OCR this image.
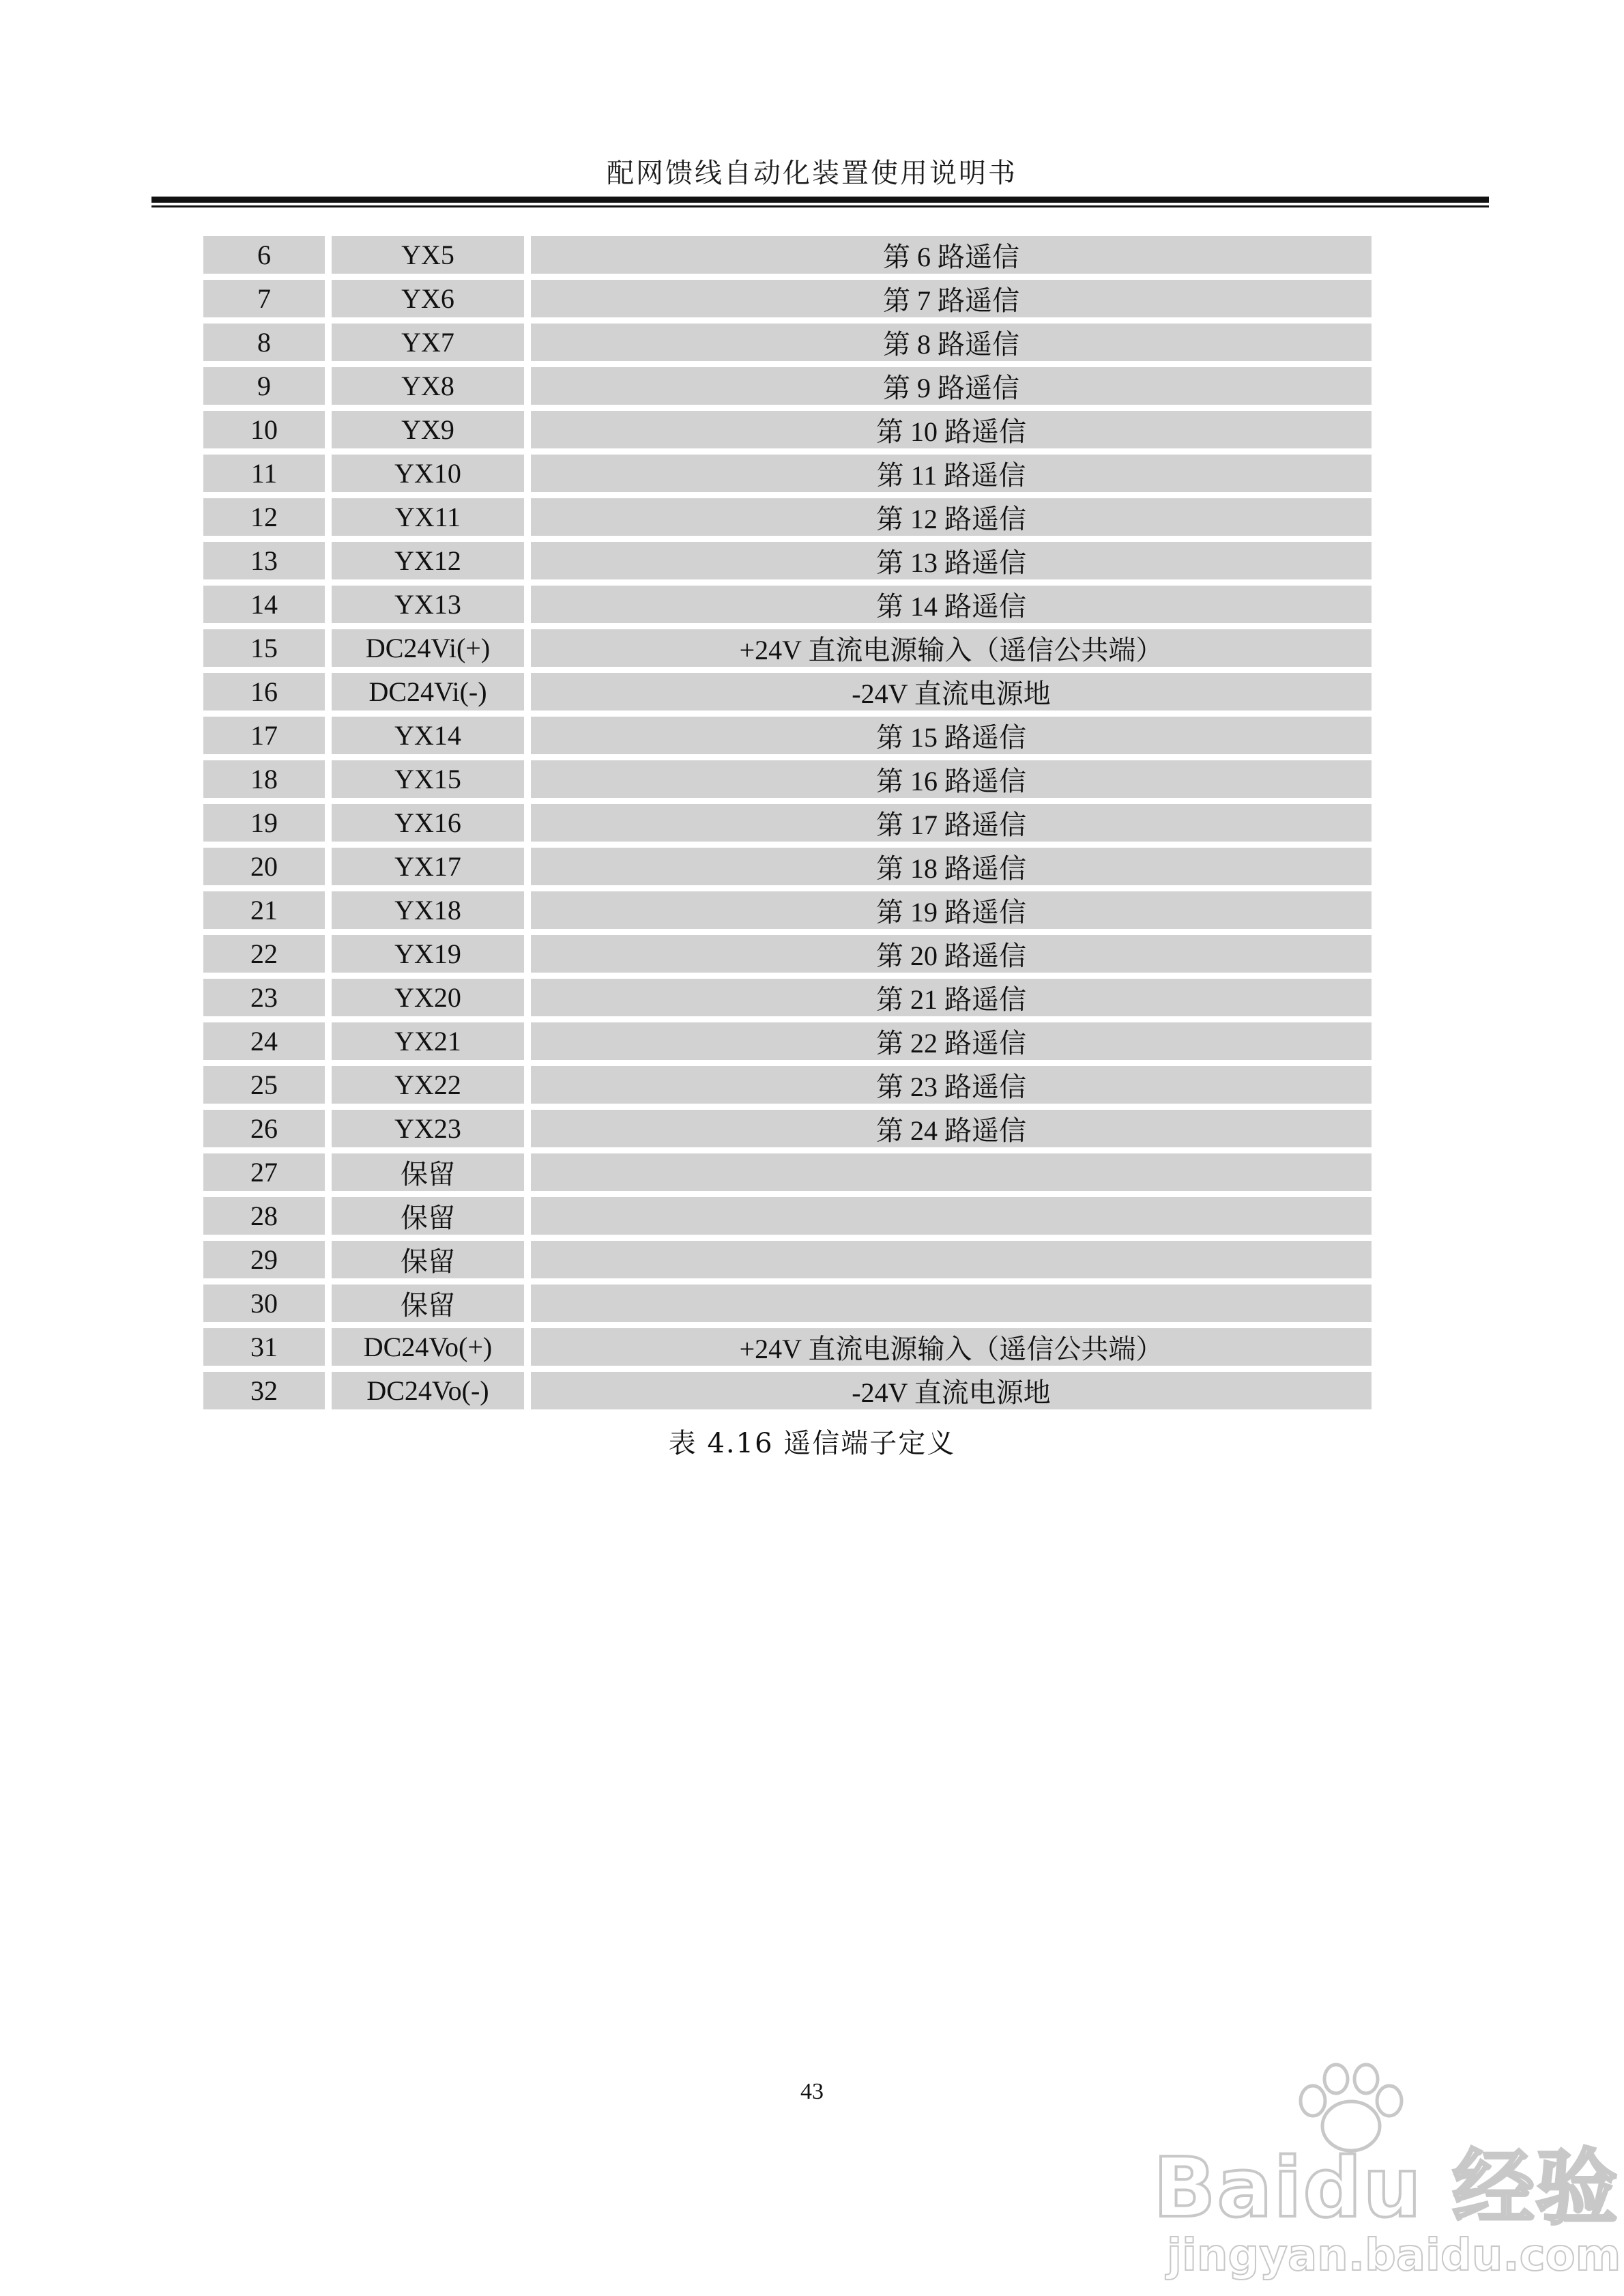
配网馈线自动化装置使用说明书
6	YX5	第 6 路遥信
7	YX6	第 7 路遥信
8	YX7	第 8 路遥信
9	YX8	第 9 路遥信
10	YX9	第 10 路遥信
11	YX10	第 11 路遥信
12	YX11	第 12 路遥信
13	YX12	第 13 路遥信
14	YX13	第 14 路遥信
15	DC24Vi(+)	+24V 直流电源输入（遥信公共端）
16	DC24Vi(-)	-24V 直流电源地
17	YX14	第 15 路遥信
18	YX15	第 16 路遥信
19	YX16	第 17 路遥信
20	YX17	第 18 路遥信
21	YX18	第 19 路遥信
22	YX19	第 20 路遥信
23	YX20	第 21 路遥信
24	YX21	第 22 路遥信
25	YX22	第 23 路遥信
26	YX23	第 24 路遥信
27	保留
28	保留
29	保留
30	保留
31	DC24Vo(+)	+24V 直流电源输入（遥信公共端）
32	DC24Vo(-)	-24V 直流电源地
表 4.16 遥信端子定义
43
Baidu 经验
jingyan.baidu.com
